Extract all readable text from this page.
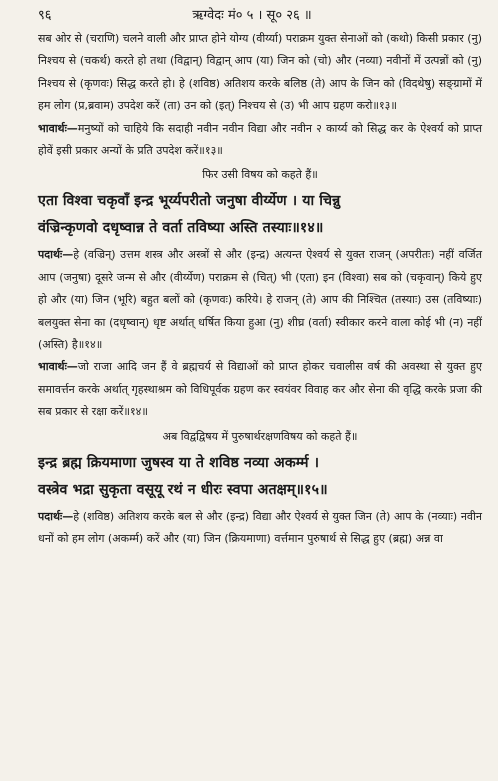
९६	ऋग्वेदः मं० ५ । सू० २६ ॥

सब ओर से (चराणि) चलने वाली और प्राप्त होने योग्य (वीर्य्या) पराक्रम युक्त सेनाओं को (कथो) किसी प्रकार (नु) निश्चय से (चकर्थ) करते हो तथा (विद्वान्) विद्वान् आप (या) जिन को (चो) और (नव्या) नवीनों में उत्पन्नों को (नु) निश्चय से (कृणवः) सिद्ध करते हो। हे (शविष्ठ) अतिशय करके बलिष्ठ (ते) आप के जिन को (विदथेषु) सङ्ग्रामों में हम लोग (प्र,ब्रवाम) उपदेश करें (ता) उन को (इत्) निश्चय से (उ) भी आप ग्रहण करो॥१३॥

भावार्थः—मनुष्यों को चाहिये कि सदाही नवीन नवीन विद्या और नवीन २ कार्य्य को सिद्ध कर के ऐश्वर्य को प्राप्त होवें इसी प्रकार अन्यों के प्रति उपदेश करें॥१३॥

फिर उसी विषय को कहते हैं॥

एता विश्वा चकृवाँ इन्द्र भूर्य्यपरीतो जनुषा वीर्य्येण । या चिन्नु
वंज्रिन्कृणवो दधृष्वान्न ते वर्ता तविष्या अस्ति तस्याः॥१४॥

पदार्थः—हे (वज्रिन्) उत्तम शस्त्र और अस्त्रों से और (इन्द्र) अत्यन्त ऐश्वर्य से युक्त राजन् (अपरीतः) नहीं वर्जित आप (जनुषा) दूसरे जन्म से और (वीर्य्येण) पराक्रम से (चित्) भी (एता) इन (विश्वा) सब को (चकृवान्) किये हुए हो और (या) जिन (भूरि) बहुत बलों को (कृणवः) करिये। हे राजन् (ते) आप की निश्चित (तस्याः) उस (तविष्याः) बलयुक्त सेना का (दधृष्वान्) धृष्ट अर्थात् धर्षित किया हुआ (नु) शीघ्र (वर्ता) स्वीकार करने वाला कोई भी (न) नहीं (अस्ति) है॥१४॥

भावार्थः—जो राजा आदि जन हैं वे ब्रह्मचर्य से विद्याओं को प्राप्त होकर चवालीस वर्ष की अवस्था से युक्त हुए समावर्त्तन करके अर्थात् गृहस्थाश्रम को विधिपूर्वक ग्रहण कर स्वयंवर विवाह कर और सेना की वृद्धि करके प्रजा की सब प्रकार से रक्षा करें॥१४॥

अब विद्वद्विषय में पुरुषार्थरक्षणविषय को कहते हैं॥

इन्द्र ब्रह्म क्रियमाणा जुषस्व या ते शविष्ठ नव्या अकर्म्म ।
वस्त्रेव भद्रा सुकृता वसूयू रथं न धीरः स्वपा अतक्षम्॥१५॥

पदार्थः—हे (शविष्ठ) अतिशय करके बल से और (इन्द्र) विद्या और ऐश्वर्य से युक्त जिन (ते) आप के (नव्याः) नवीन धनों को हम लोग (अकर्म्म) करें और (या) जिन (क्रियमाणा) वर्त्तमान पुरुषार्थ से सिद्ध हुए (ब्रह्म) अन्न वा
